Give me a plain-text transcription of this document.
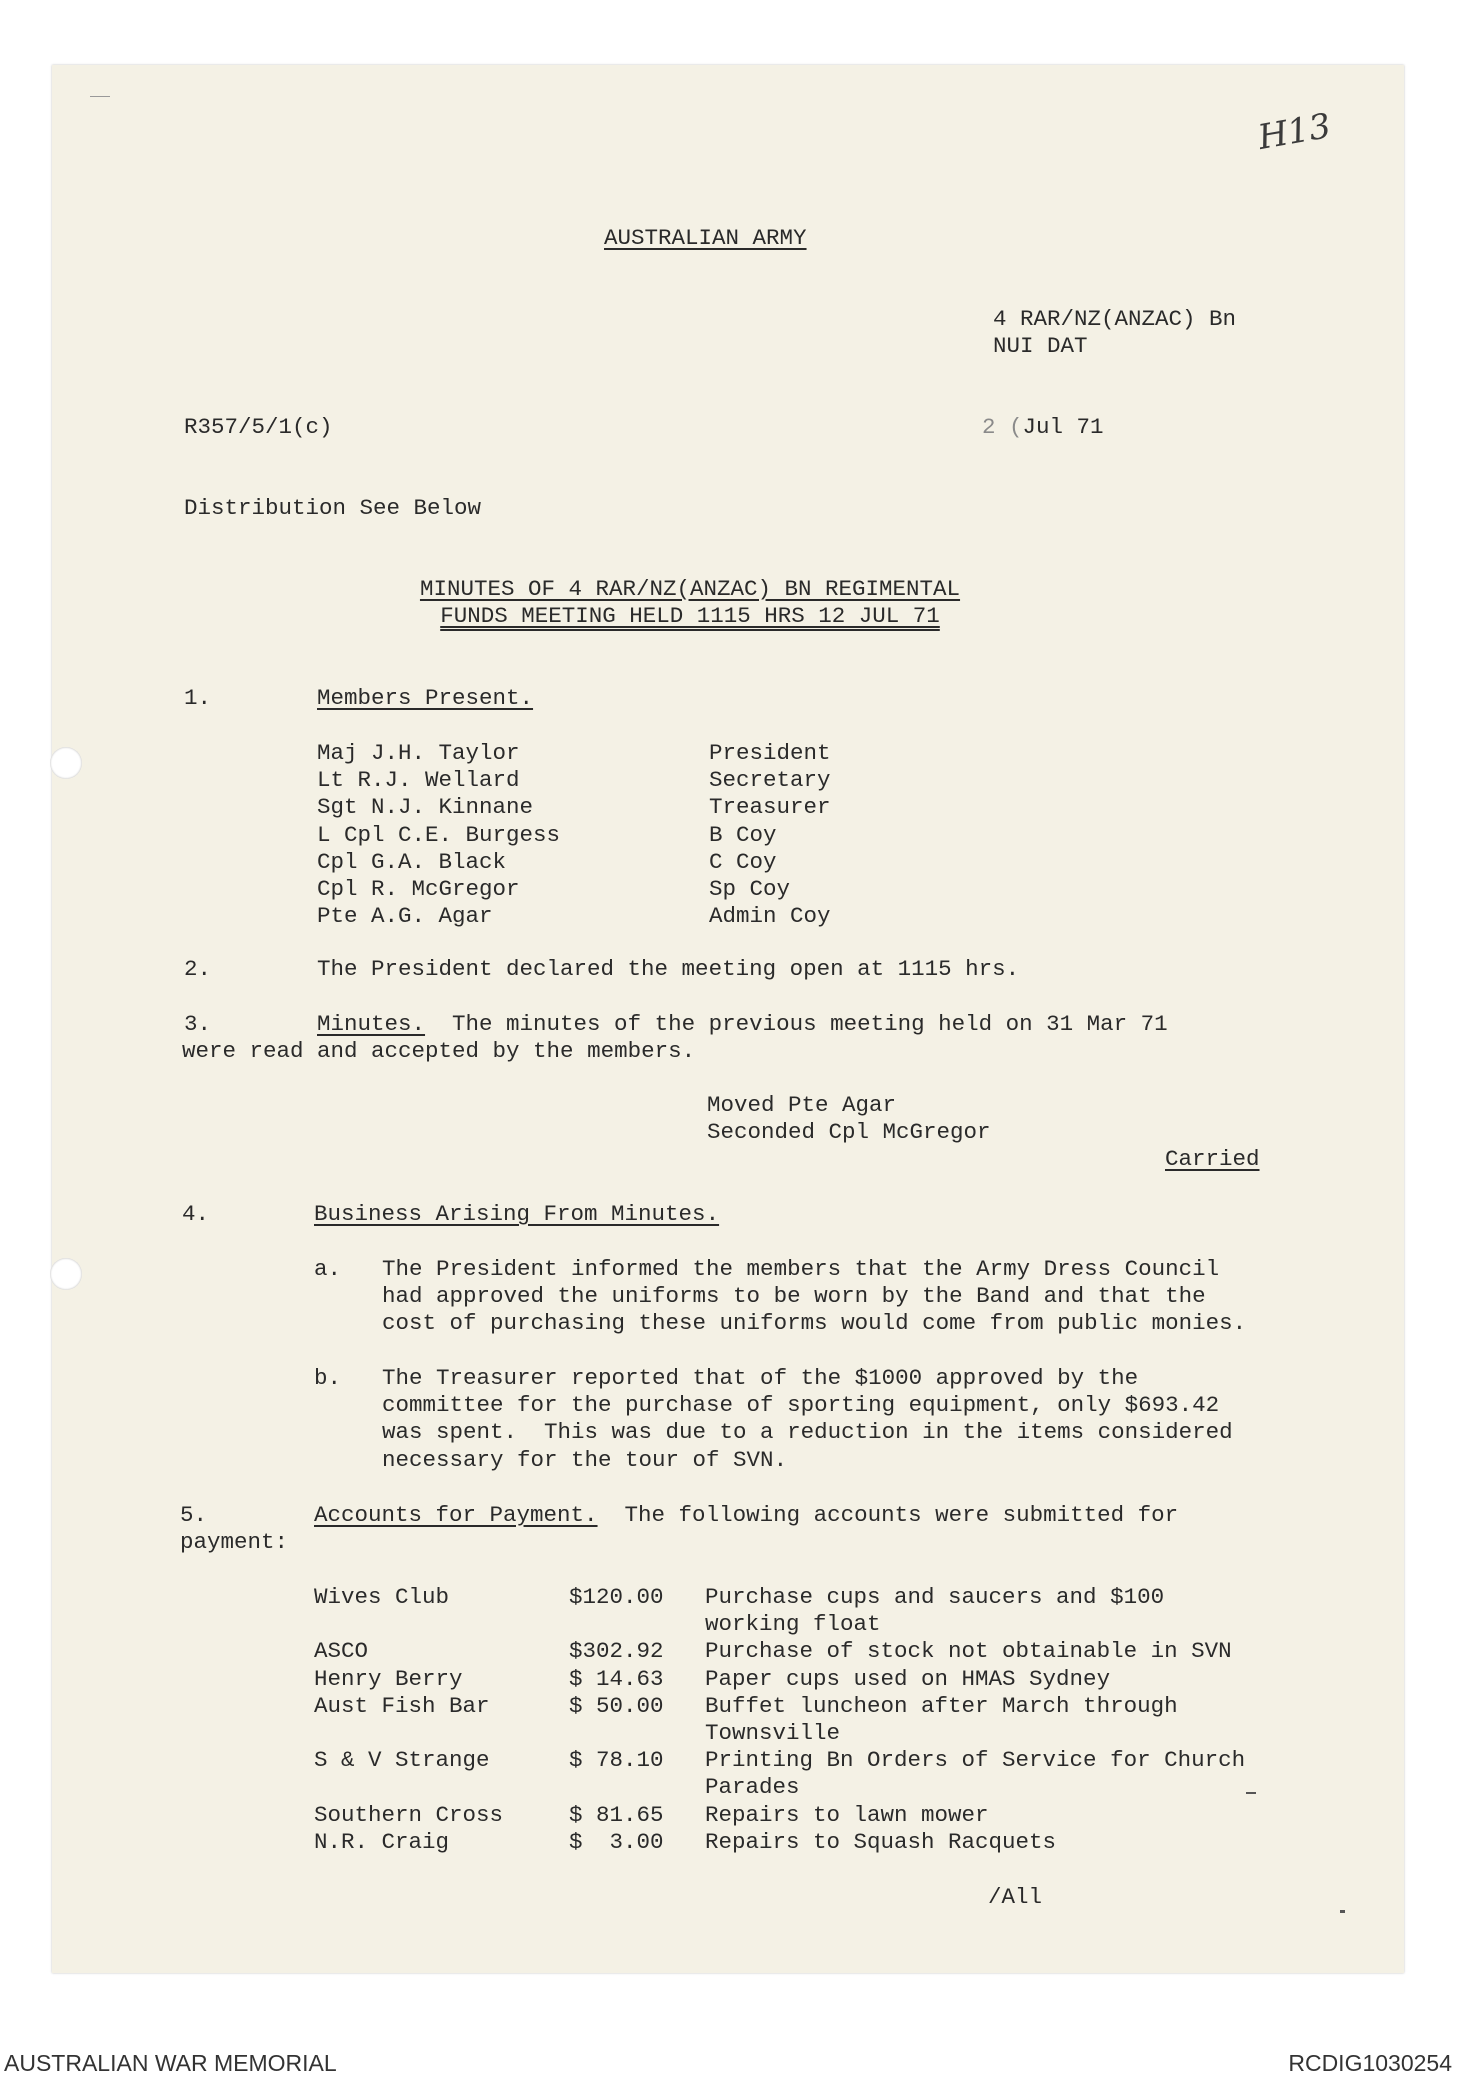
H13
AUSTRALIAN ARMY
4 RAR/NZ(ANZAC) Bn
NUI DAT
R357/5/1(c)	2 (Jul 71
Distribution See Below
MINUTES OF 4 RAR/NZ(ANZAC) BN REGIMENTAL
FUNDS MEETING HELD 1115 HRS 12 JUL 71
1.	Members Present.
Maj J.H. Taylor	President
Lt R.J. Wellard	Secretary
Sgt N.J. Kinnane	Treasurer
L Cpl C.E. Burgess	B Coy
Cpl G.A. Black	C Coy
Cpl R. McGregor	Sp Coy
Pte A.G. Agar	Admin Coy
2.	The President declared the meeting open at 1115 hrs.
3.	Minutes.  The minutes of the previous meeting held on 31 Mar 71
were read and accepted by the members.
Moved Pte Agar
Seconded Cpl McGregor
Carried
4.	Business Arising From Minutes.
a. The President informed the members that the Army Dress Council
had approved the uniforms to be worn by the Band and that the
cost of purchasing these uniforms would come from public monies.
b. The Treasurer reported that of the $1000 approved by the
committee for the purchase of sporting equipment, only $693.42
was spent.  This was due to a reduction in the items considered
necessary for the tour of SVN.
5.	Accounts for Payment.  The following accounts were submitted for
payment:
Wives Club	$120.00 Purchase cups and saucers and $100
working float
ASCO	$302.92 Purchase of stock not obtainable in SVN
Henry Berry	$ 14.63 Paper cups used on HMAS Sydney
Aust Fish Bar	$ 50.00 Buffet luncheon after March through
Townsville
S & V Strange	$ 78.10 Printing Bn Orders of Service for Church
Parades
Southern Cross	$ 81.65 Repairs to lawn mower
N.R. Craig	$  3.00 Repairs to Squash Racquets
/All
AUSTRALIAN WAR MEMORIAL	RCDIG1030254
